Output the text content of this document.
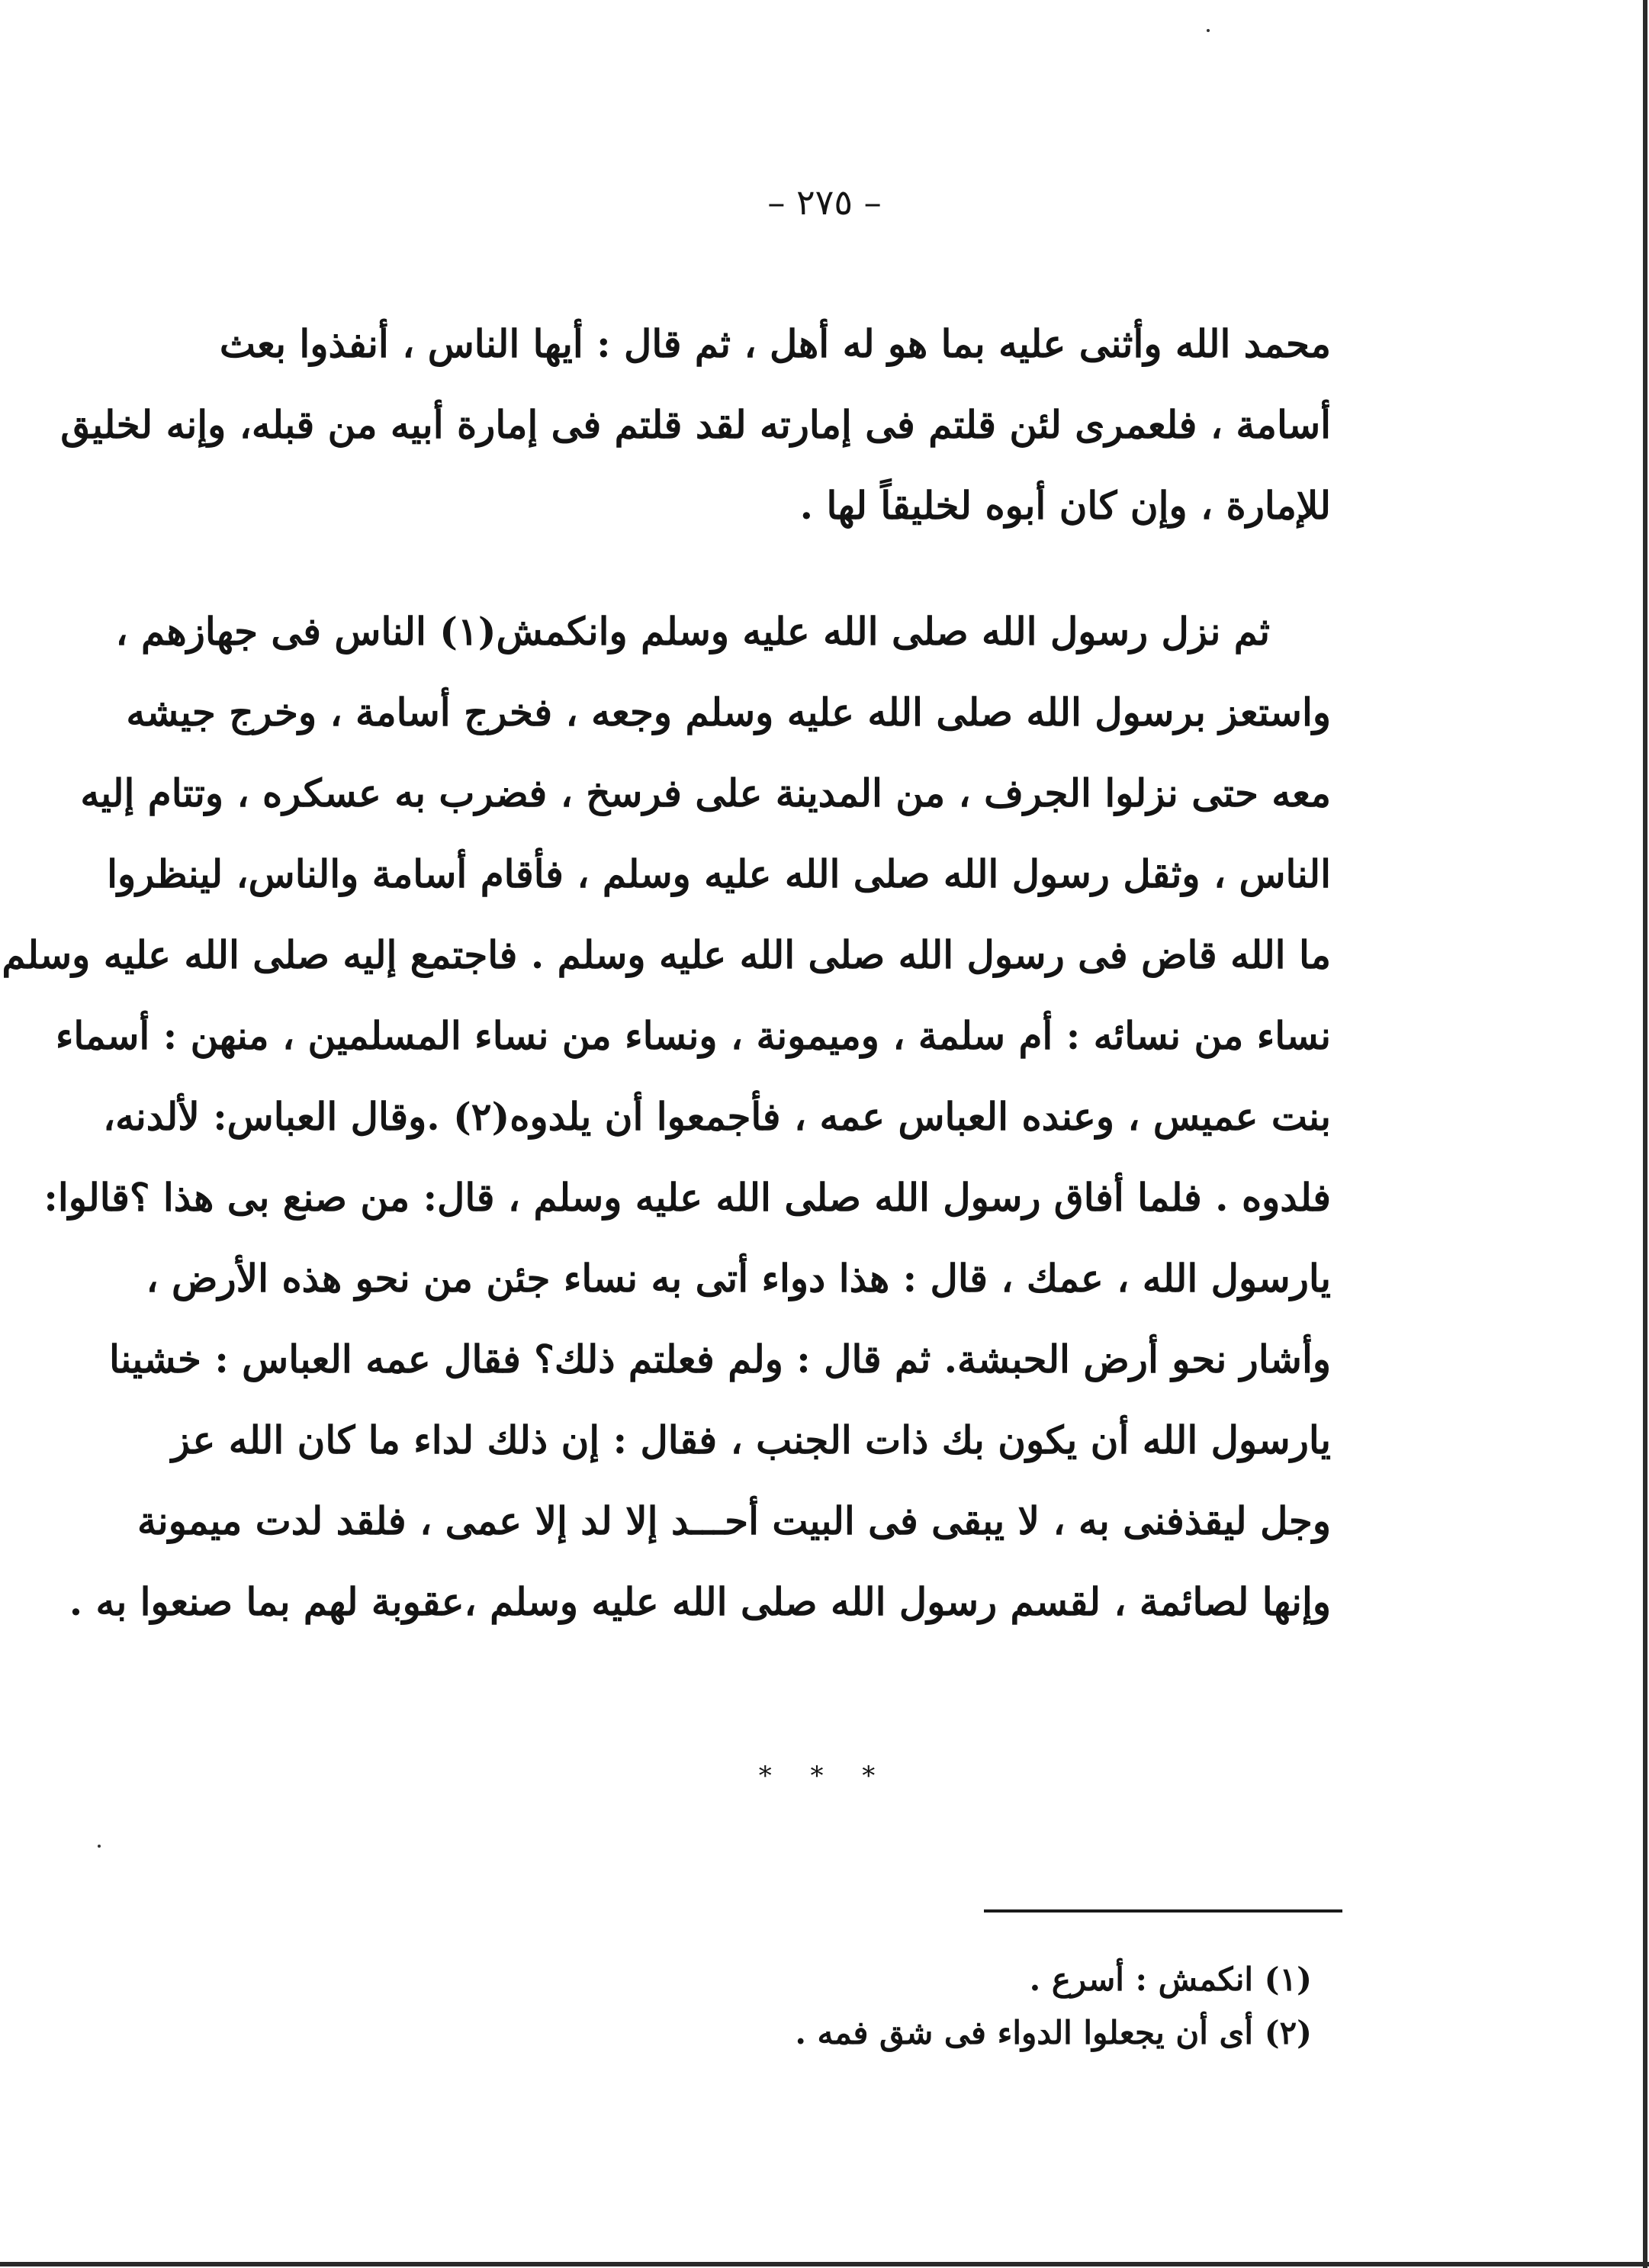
– ٢٧٥ –
محمد الله وأثنى عليه بما هو له أهل ، ثم قال : أيها الناس ، أنفذوا بعث
أسامة ، فلعمرى لئن قلتم فى إمارته لقد قلتم فى إمارة أبيه من قبله، وإنه لخليق
للإمارة ، وإن كان أبوه لخليقاً لها .
ثم نزل رسول الله صلى الله عليه وسلم وانكمش(١) الناس فى جهازهم ،
واستعز برسول الله صلى الله عليه وسلم وجعه ، فخرج أسامة ، وخرج جيشه
معه حتى نزلوا الجرف ، من المدينة على فرسخ ، فضرب به عسكره ، وتتام إليه
الناس ، وثقل رسول الله صلى الله عليه وسلم ، فأقام أسامة والناس، لينظروا
ما الله قاض فى رسول الله صلى الله عليه وسلم . فاجتمع إليه صلى الله عليه وسلم
نساء من نسائه : أم سلمة ، وميمونة ، ونساء من نساء المسلمين ، منهن : أسماء
بنت عميس ، وعنده العباس عمه ، فأجمعوا أن يلدوه(٢) .وقال العباس: لألدنه،
فلدوه . فلما أفاق رسول الله صلى الله عليه وسلم ، قال: من صنع بى هذا ؟قالوا:
يارسول الله ، عمك ، قال : هذا دواء أتى به نساء جئن من نحو هذه الأرض ،
وأشار نحو أرض الحبشة. ثم قال : ولم فعلتم ذلك؟ فقال عمه العباس : خشينا
يارسول الله أن يكون بك ذات الجنب ، فقال : إن ذلك لداء ما كان الله عز
وجل ليقذفنى به ، لا يبقى فى البيت أحـــد إلا لد إلا عمى ، فلقد لدت ميمونة
وإنها لصائمة ، لقسم رسول الله صلى الله عليه وسلم ،عقوبة لهم بما صنعوا به .
* * *
(١) انكمش : أسرع .
(٢) أى أن يجعلوا الدواء فى شق فمه .
